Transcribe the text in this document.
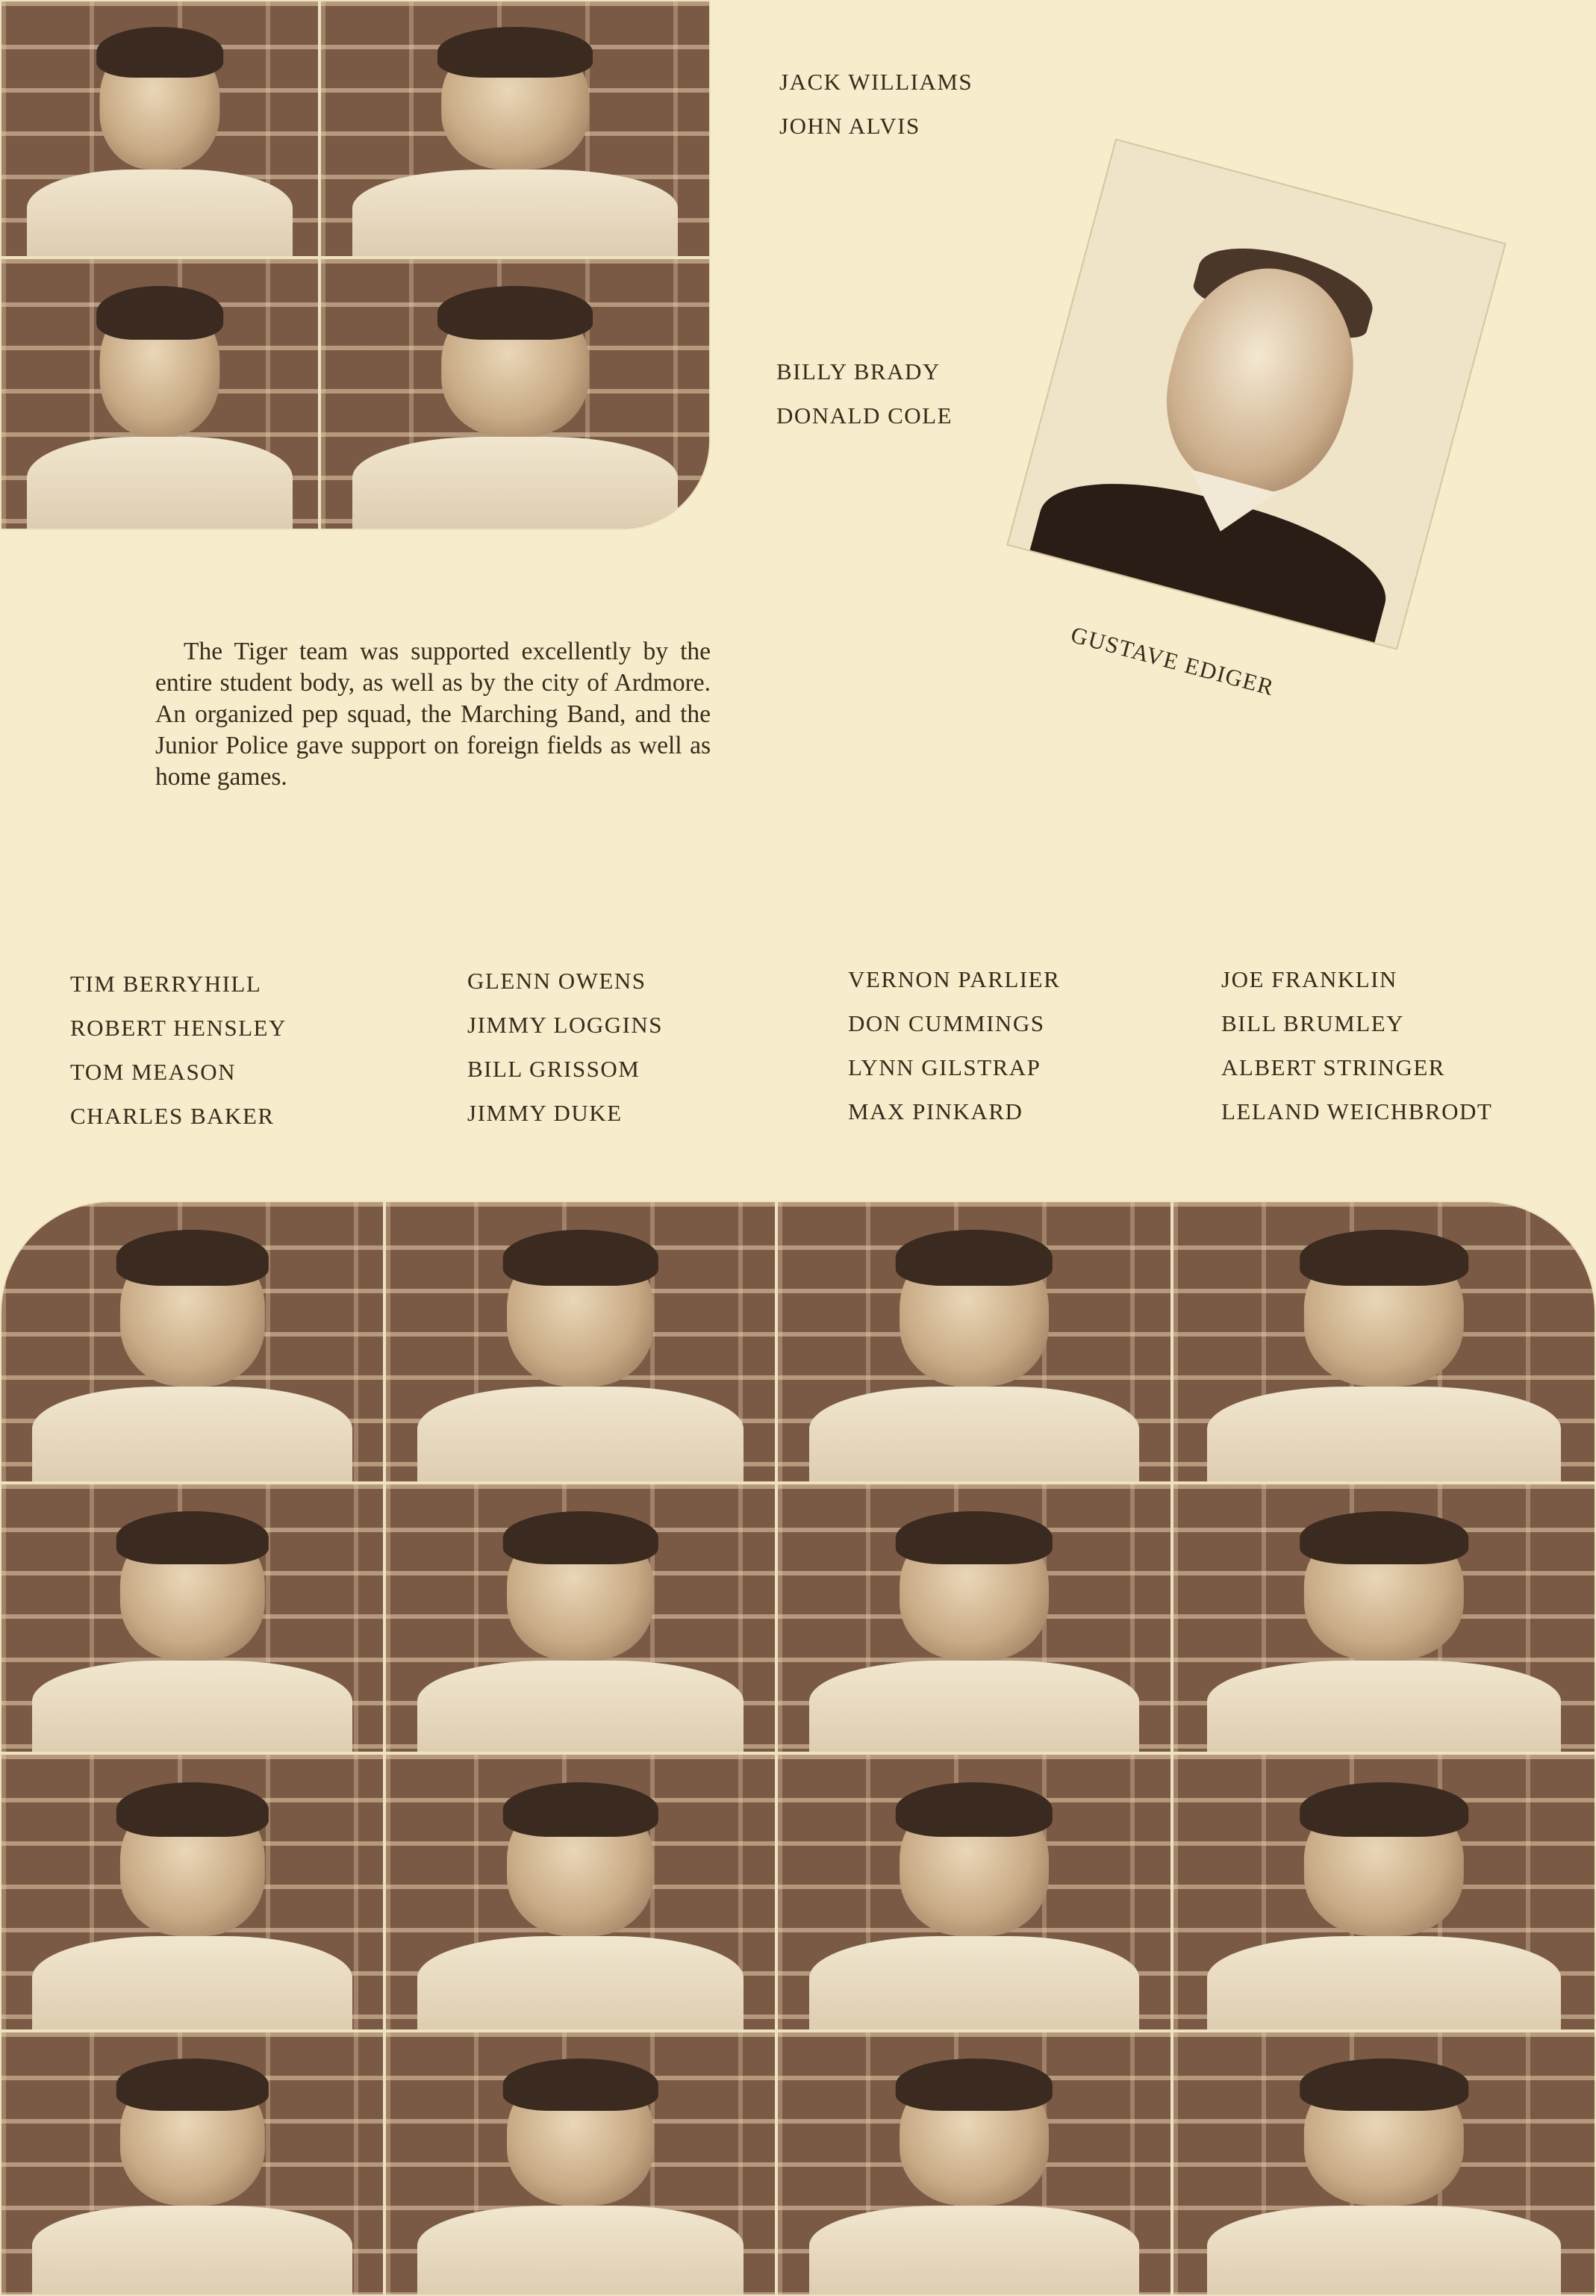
JACK WILLIAMS
JOHN ALVIS
BILLY BRADY
DONALD COLE
GUSTAVE EDIGER
The Tiger team was supported excellently by the entire student body, as well as by the city of Ardmore. An organized pep squad, the Marching Band, and the Junior Police gave support on foreign fields as well as home games.
TIM BERRYHILL
ROBERT HENSLEY
TOM MEASON
CHARLES BAKER
GLENN OWENS
JIMMY LOGGINS
BILL GRISSOM
JIMMY DUKE
VERNON PARLIER
DON CUMMINGS
LYNN GILSTRAP
MAX PINKARD
JOE FRANKLIN
BILL BRUMLEY
ALBERT STRINGER
LELAND WEICHBRODT
